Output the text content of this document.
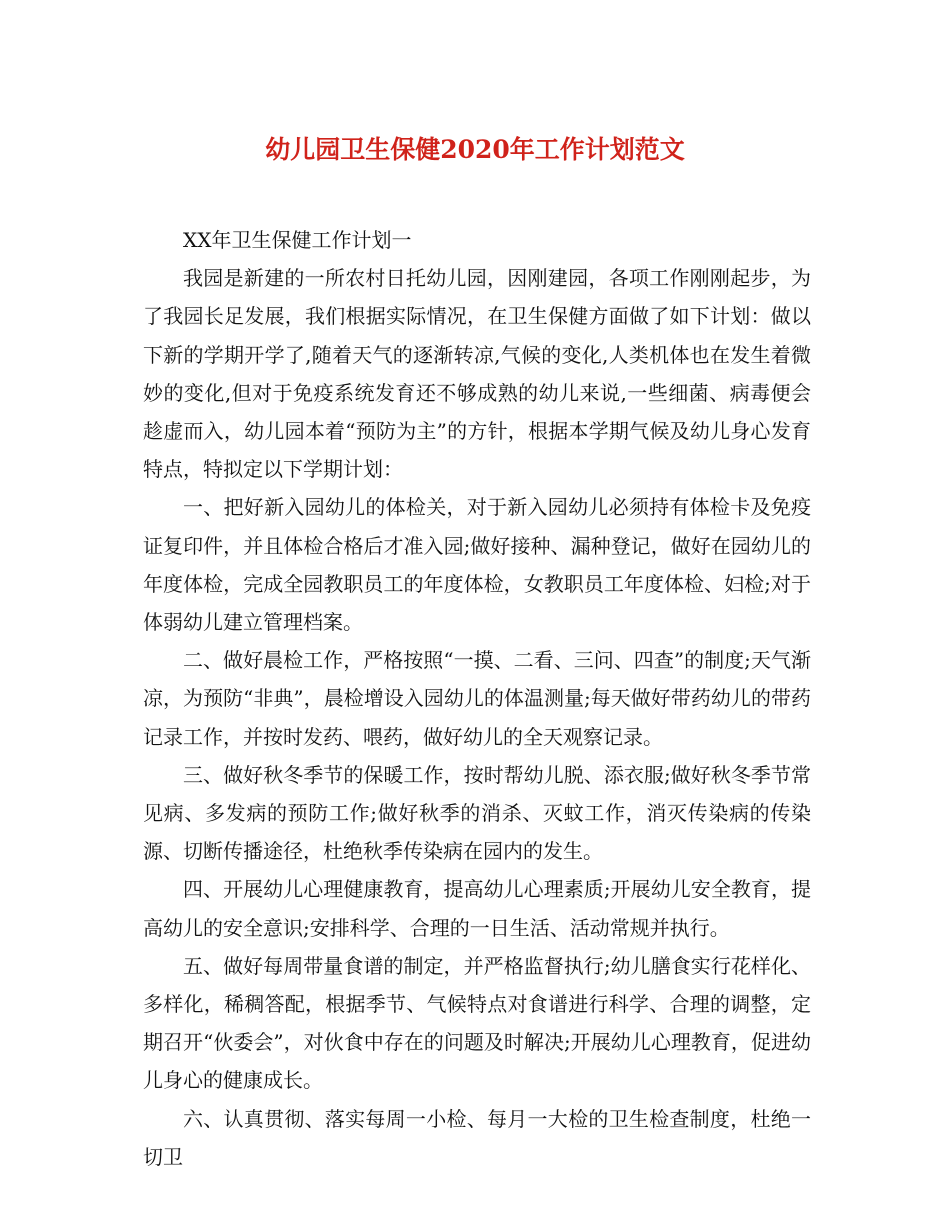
幼儿园卫生保健2020年工作计划范文

XX年卫生保健工作计划一

我园是新建的一所农村日托幼儿园，因刚建园，各项工作刚刚起步，为了我园长足发展，我们根据实际情况，在卫生保健方面做了如下计划：做以下新的学期开学了,随着天气的逐渐转凉,气候的变化,人类机体也在发生着微妙的变化,但对于免疫系统发育还不够成熟的幼儿来说,一些细菌、病毒便会趁虚而入，幼儿园本着“预防为主”的方针，根据本学期气候及幼儿身心发育特点，特拟定以下学期计划：

一、把好新入园幼儿的体检关，对于新入园幼儿必须持有体检卡及免疫证复印件，并且体检合格后才准入园;做好接种、漏种登记，做好在园幼儿的年度体检，完成全园教职员工的年度体检，女教职员工年度体检、妇检;对于体弱幼儿建立管理档案。

二、做好晨检工作，严格按照“一摸、二看、三问、四查”的制度;天气渐凉，为预防“非典”，晨检增设入园幼儿的体温测量;每天做好带药幼儿的带药记录工作，并按时发药、喂药，做好幼儿的全天观察记录。

三、做好秋冬季节的保暖工作，按时帮幼儿脱、添衣服;做好秋冬季节常见病、多发病的预防工作;做好秋季的消杀、灭蚊工作，消灭传染病的传染源、切断传播途径，杜绝秋季传染病在园内的发生。

四、开展幼儿心理健康教育，提高幼儿心理素质;开展幼儿安全教育，提高幼儿的安全意识;安排科学、合理的一日生活、活动常规并执行。

五、做好每周带量食谱的制定，并严格监督执行;幼儿膳食实行花样化、多样化，稀稠答配，根据季节、气候特点对食谱进行科学、合理的调整，定期召开“伙委会”，对伙食中存在的问题及时解决;开展幼儿心理教育，促进幼儿身心的健康成长。

六、认真贯彻、落实每周一小检、每月一大检的卫生检查制度，杜绝一切卫
